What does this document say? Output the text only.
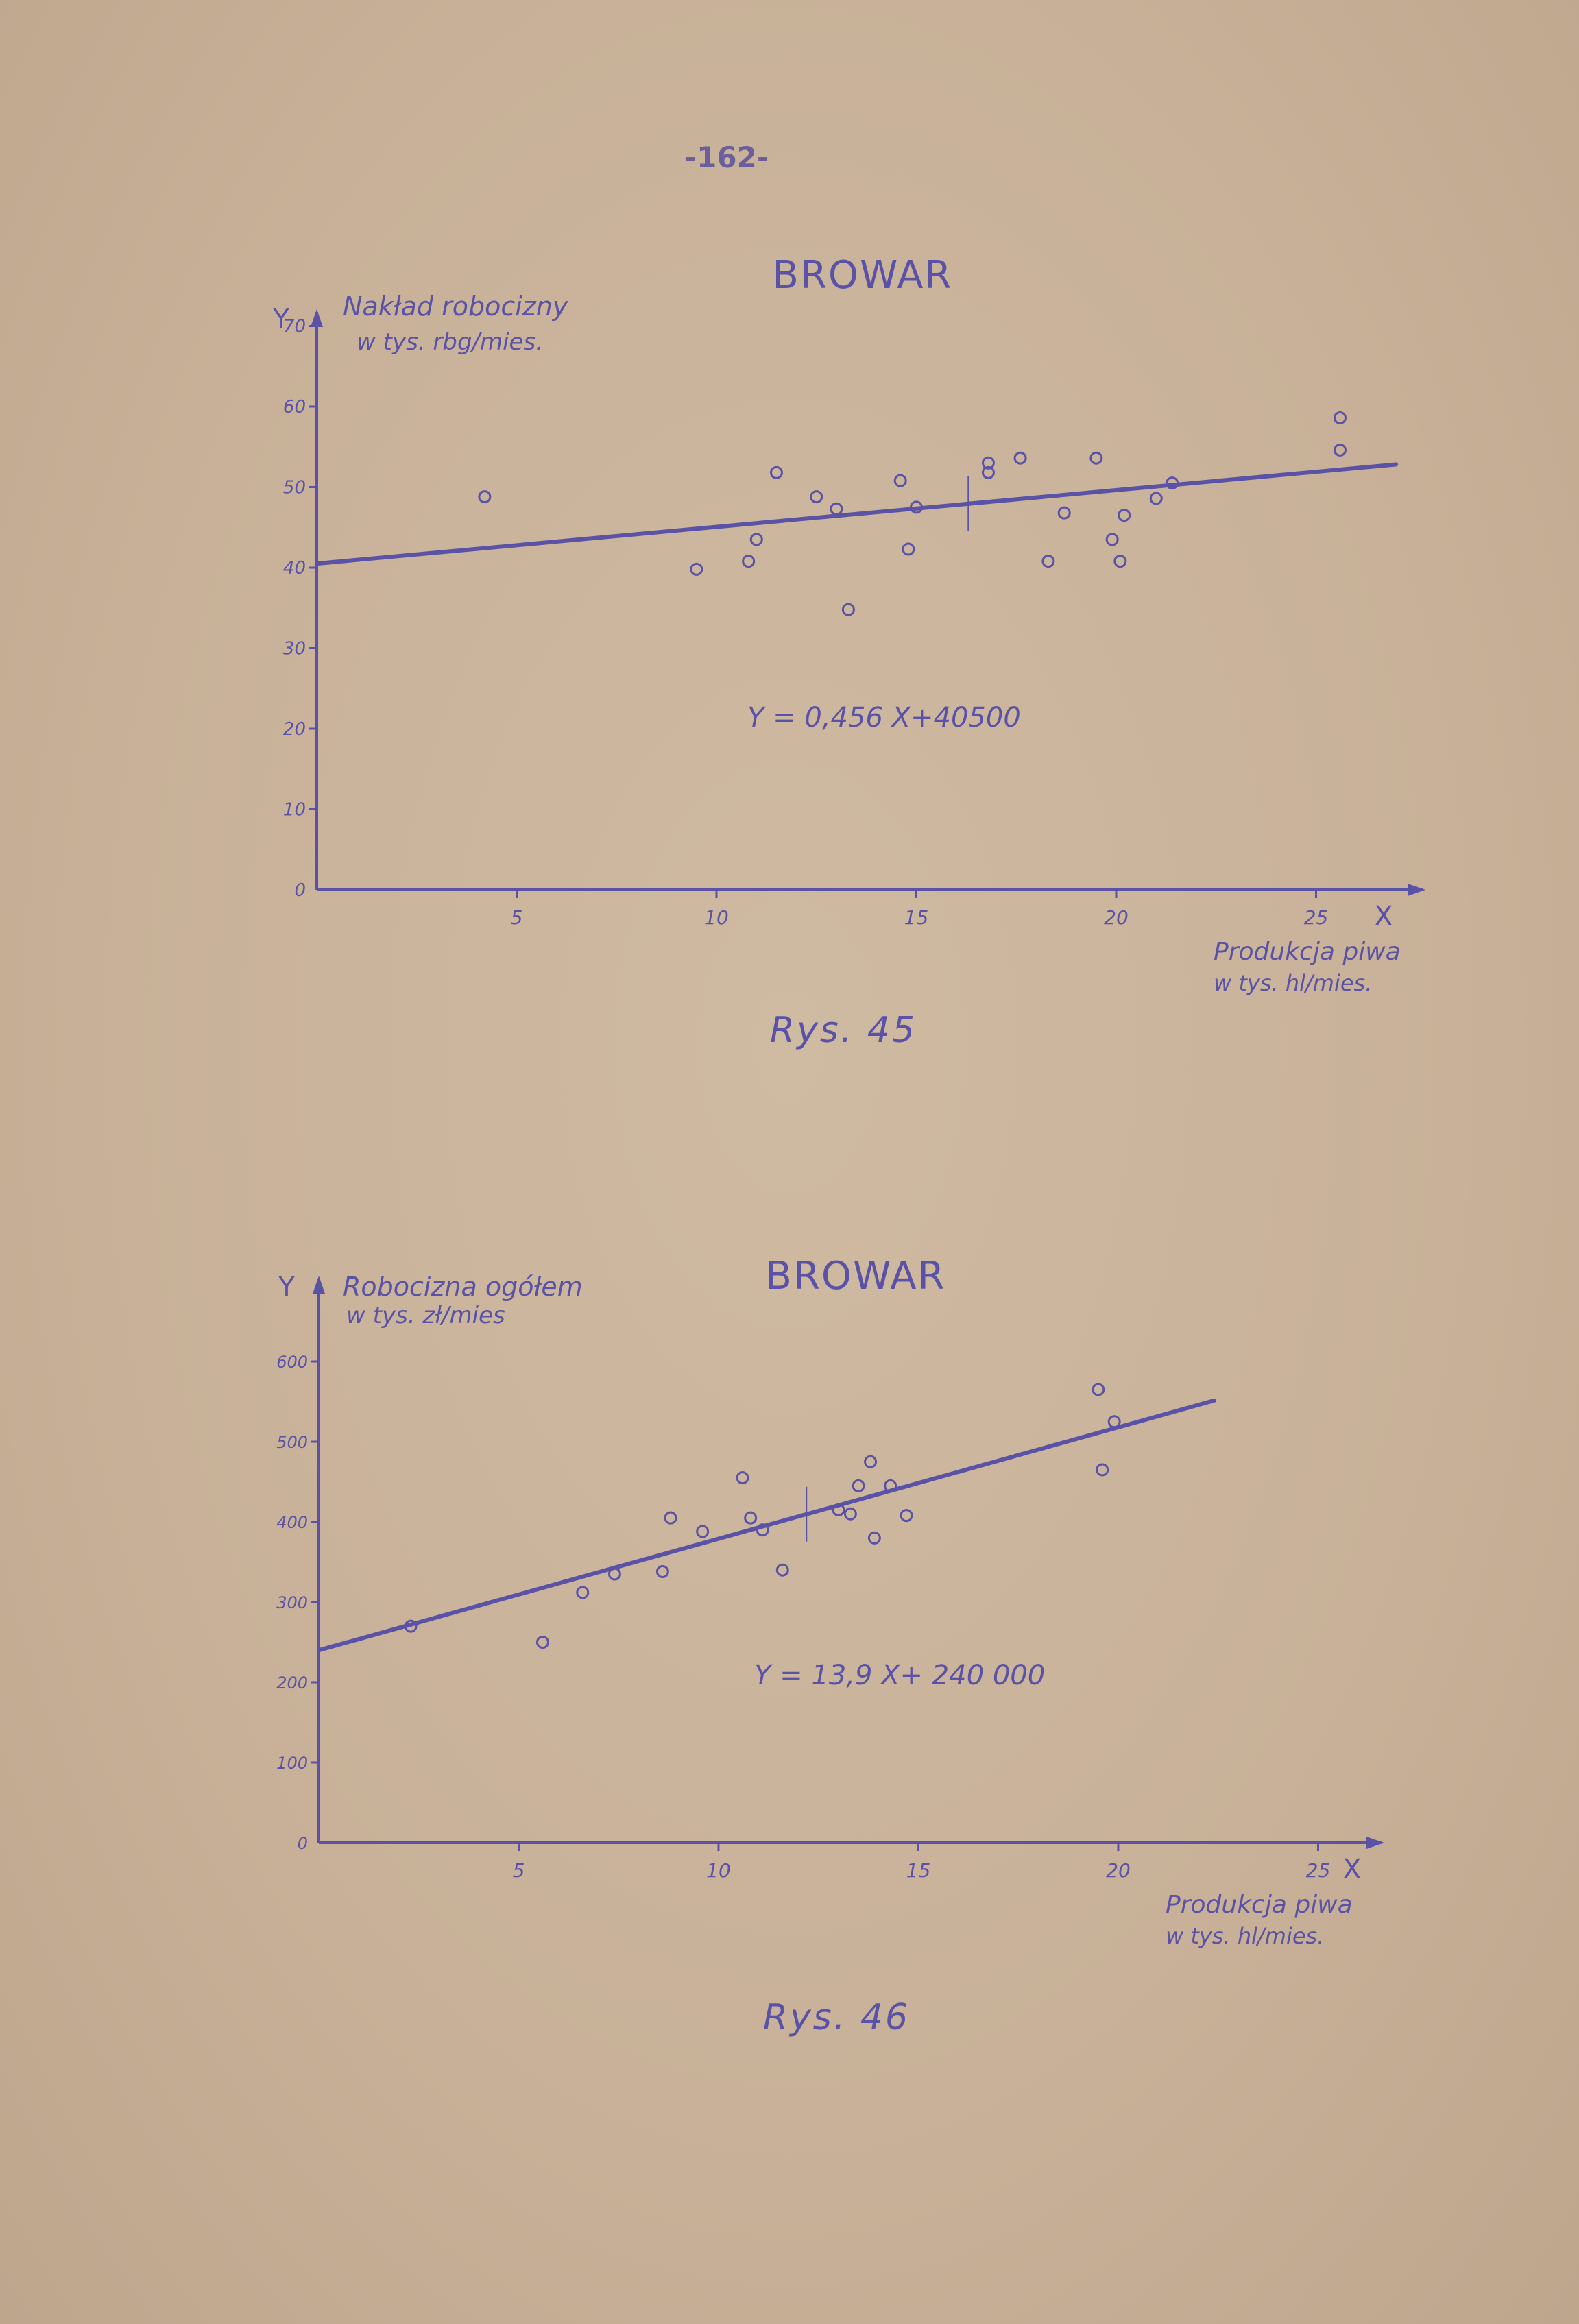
-162-
BROWAR
0
10
20
30
40
50
60
70
5	10	15	20	25
Y Nakład robocizny
w tys. rbg/mies.
X
Produkcja piwa
w tys. hl/mies.
Y = 0,456 X+40500
Rys. 45
BROWAR
0
100
200
300
400
500
600
5	10	15	20	25
Y Robocizna ogółem
w tys. zł/mies
X
Produkcja piwa
w tys. hl/mies.
Y = 13,9 X+ 240 000
Rys. 46
